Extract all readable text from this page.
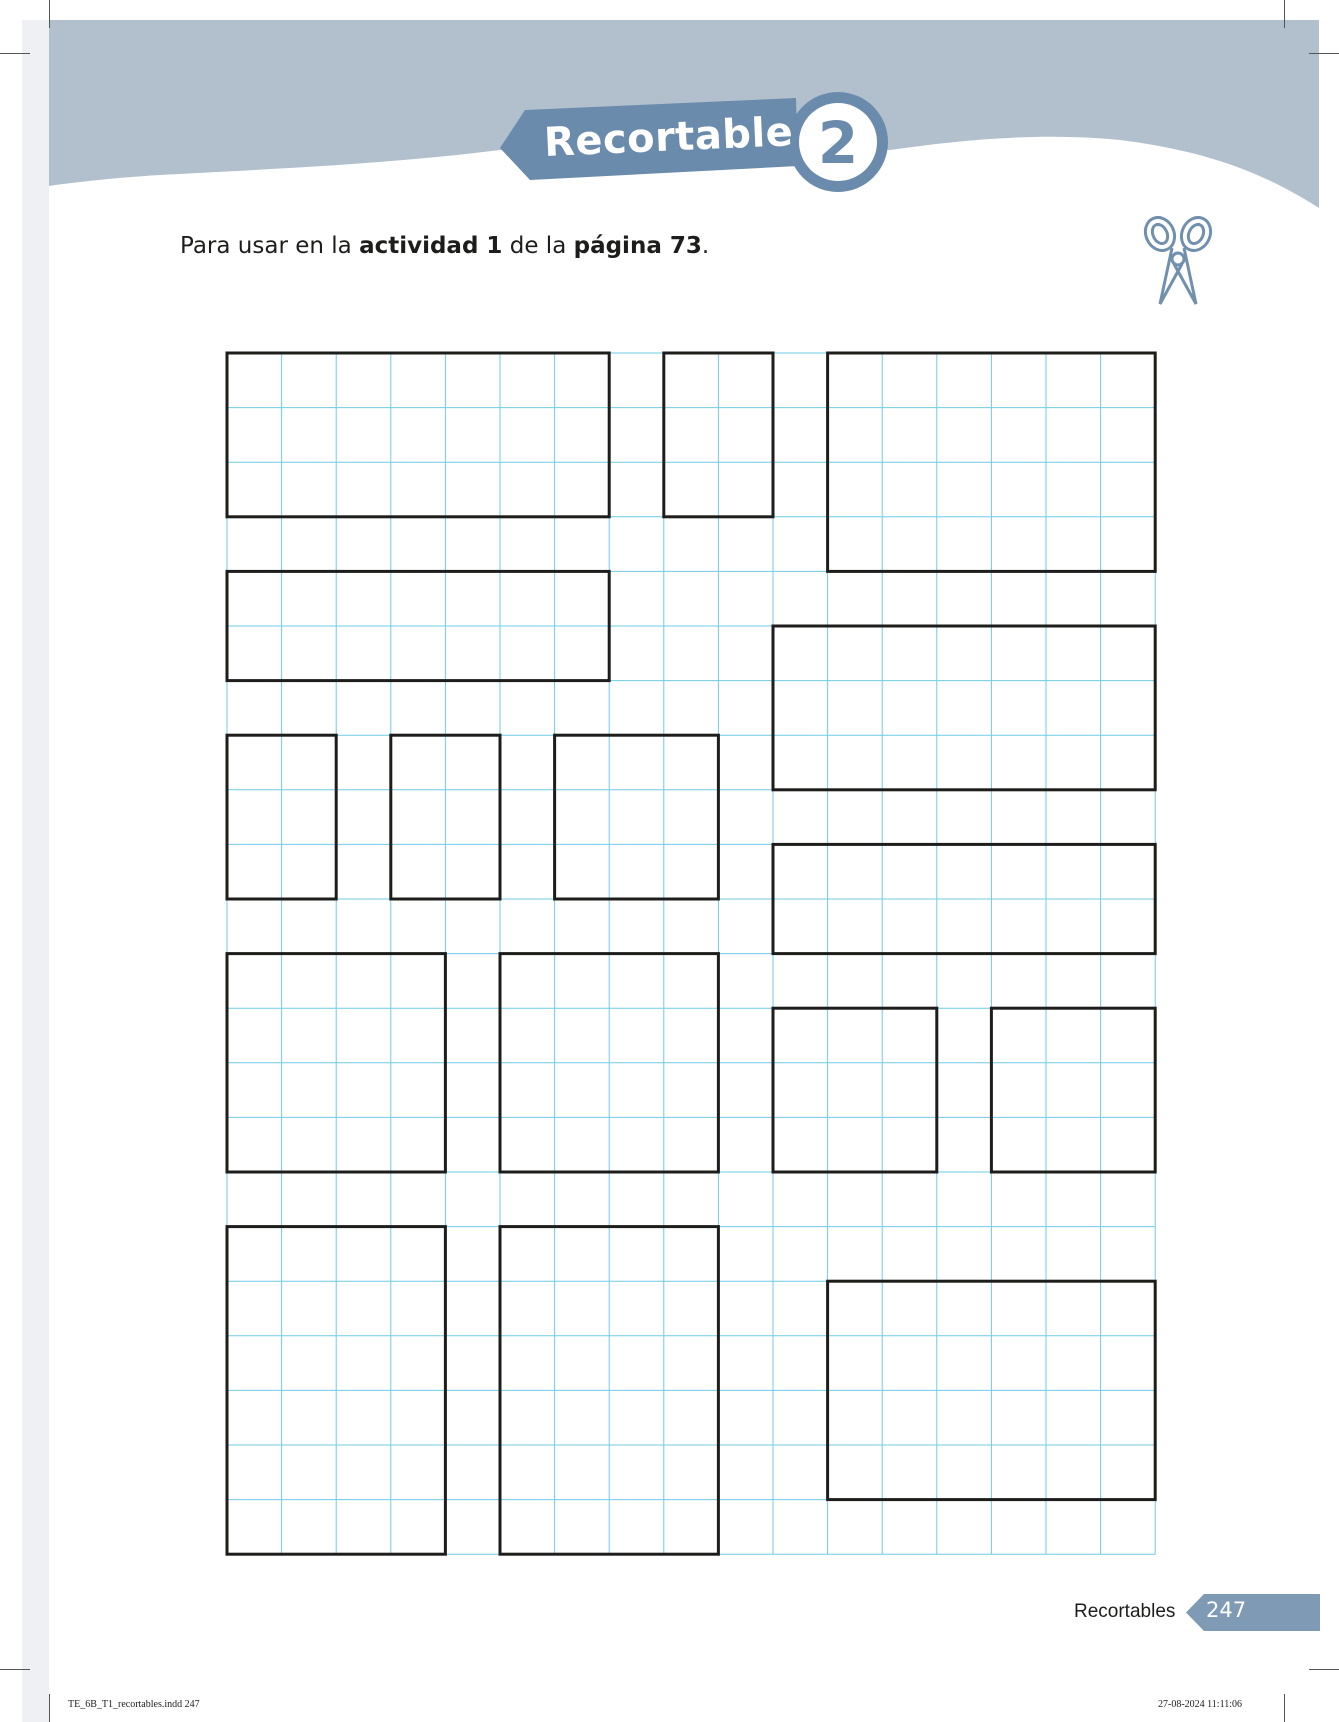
Recortable 2
Para usar en la actividad 1 de la página 73.
Recortables 247
TE_6B_T1_recortables.indd 247	27-08-2024 11:11:06
